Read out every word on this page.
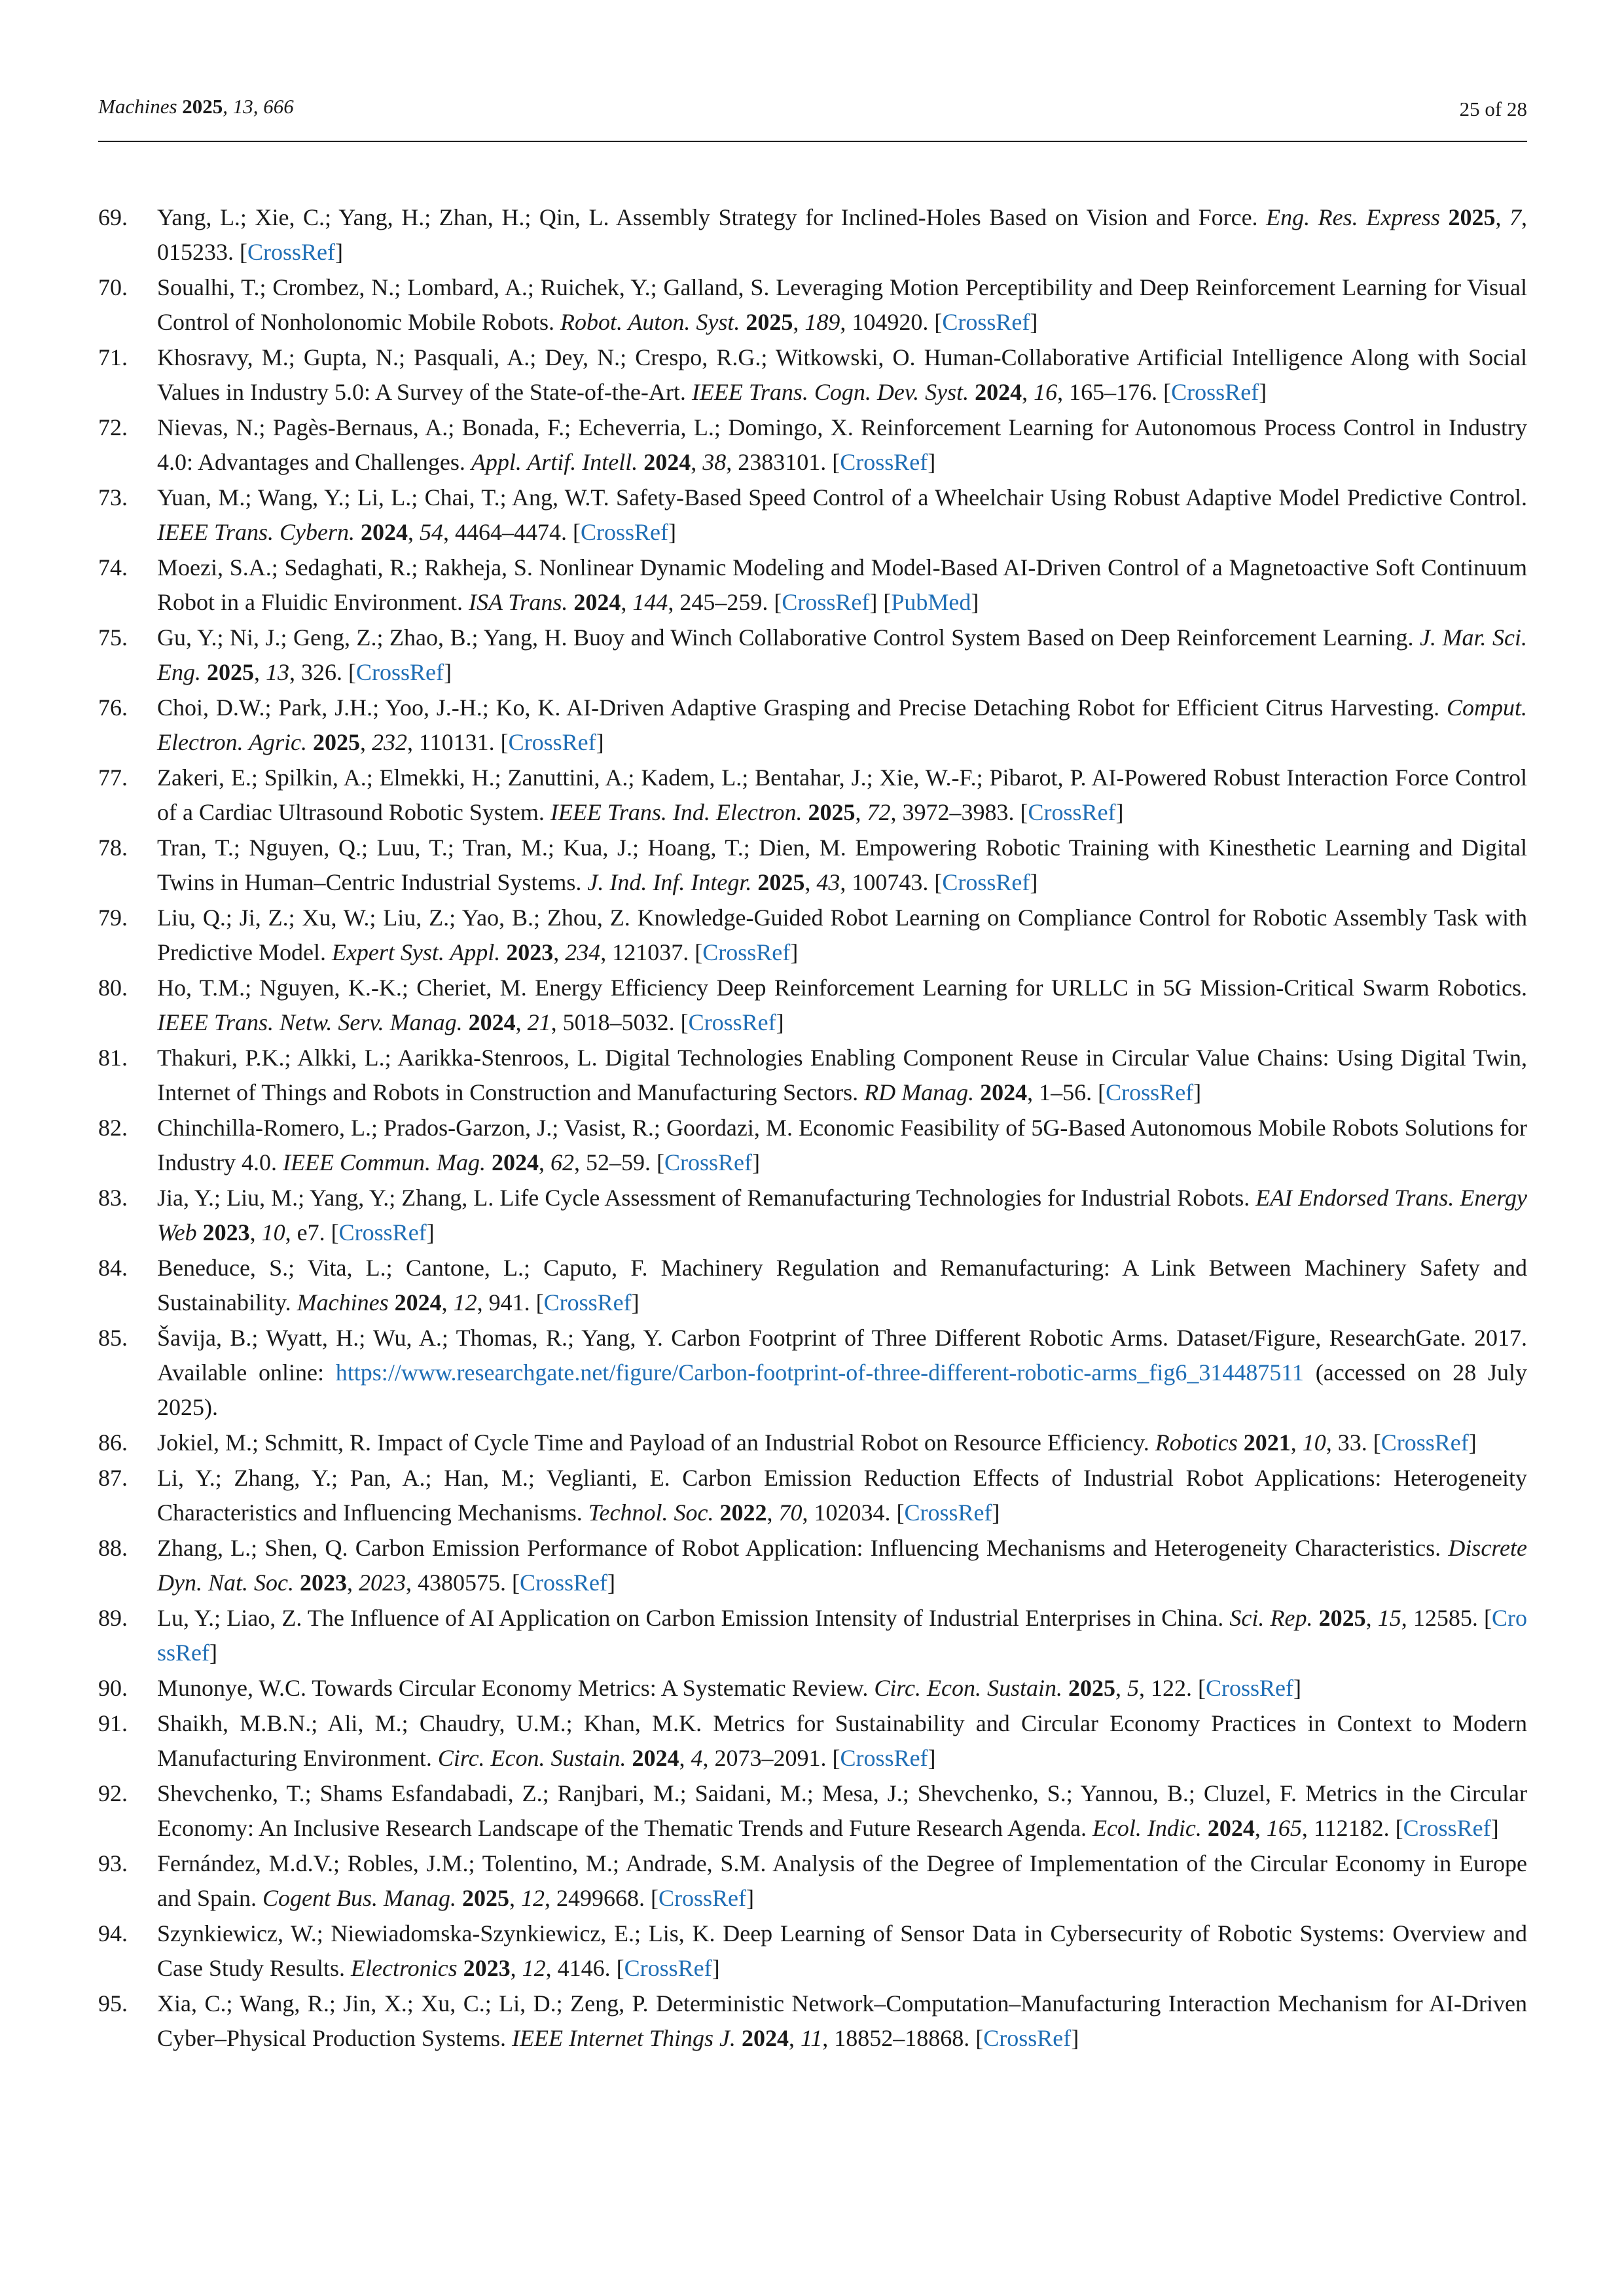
Machines 2025, 13, 666	25 of 28
69. Yang, L.; Xie, C.; Yang, H.; Zhan, H.; Qin, L. Assembly Strategy for Inclined-Holes Based on Vision and Force. Eng. Res. Express 2025, 7, 015233. [CrossRef]
70. Soualhi, T.; Crombez, N.; Lombard, A.; Ruichek, Y.; Galland, S. Leveraging Motion Perceptibility and Deep Reinforcement Learning for Visual Control of Nonholonomic Mobile Robots. Robot. Auton. Syst. 2025, 189, 104920. [CrossRef]
71. Khosravy, M.; Gupta, N.; Pasquali, A.; Dey, N.; Crespo, R.G.; Witkowski, O. Human-Collaborative Artificial Intelligence Along with Social Values in Industry 5.0: A Survey of the State-of-the-Art. IEEE Trans. Cogn. Dev. Syst. 2024, 16, 165–176. [CrossRef]
72. Nievas, N.; Pagès-Bernaus, A.; Bonada, F.; Echeverria, L.; Domingo, X. Reinforcement Learning for Autonomous Process Control in Industry 4.0: Advantages and Challenges. Appl. Artif. Intell. 2024, 38, 2383101. [CrossRef]
73. Yuan, M.; Wang, Y.; Li, L.; Chai, T.; Ang, W.T. Safety-Based Speed Control of a Wheelchair Using Robust Adaptive Model Predictive Control. IEEE Trans. Cybern. 2024, 54, 4464–4474. [CrossRef]
74. Moezi, S.A.; Sedaghati, R.; Rakheja, S. Nonlinear Dynamic Modeling and Model-Based AI-Driven Control of a Magnetoactive Soft Continuum Robot in a Fluidic Environment. ISA Trans. 2024, 144, 245–259. [CrossRef] [PubMed]
75. Gu, Y.; Ni, J.; Geng, Z.; Zhao, B.; Yang, H. Buoy and Winch Collaborative Control System Based on Deep Reinforcement Learning. J. Mar. Sci. Eng. 2025, 13, 326. [CrossRef]
76. Choi, D.W.; Park, J.H.; Yoo, J.-H.; Ko, K. AI-Driven Adaptive Grasping and Precise Detaching Robot for Efficient Citrus Harvesting. Comput. Electron. Agric. 2025, 232, 110131. [CrossRef]
77. Zakeri, E.; Spilkin, A.; Elmekki, H.; Zanuttini, A.; Kadem, L.; Bentahar, J.; Xie, W.-F.; Pibarot, P. AI-Powered Robust Interaction Force Control of a Cardiac Ultrasound Robotic System. IEEE Trans. Ind. Electron. 2025, 72, 3972–3983. [CrossRef]
78. Tran, T.; Nguyen, Q.; Luu, T.; Tran, M.; Kua, J.; Hoang, T.; Dien, M. Empowering Robotic Training with Kinesthetic Learning and Digital Twins in Human–Centric Industrial Systems. J. Ind. Inf. Integr. 2025, 43, 100743. [CrossRef]
79. Liu, Q.; Ji, Z.; Xu, W.; Liu, Z.; Yao, B.; Zhou, Z. Knowledge-Guided Robot Learning on Compliance Control for Robotic Assembly Task with Predictive Model. Expert Syst. Appl. 2023, 234, 121037. [CrossRef]
80. Ho, T.M.; Nguyen, K.-K.; Cheriet, M. Energy Efficiency Deep Reinforcement Learning for URLLC in 5G Mission-Critical Swarm Robotics. IEEE Trans. Netw. Serv. Manag. 2024, 21, 5018–5032. [CrossRef]
81. Thakuri, P.K.; Alkki, L.; Aarikka-Stenroos, L. Digital Technologies Enabling Component Reuse in Circular Value Chains: Using Digital Twin, Internet of Things and Robots in Construction and Manufacturing Sectors. RD Manag. 2024, 1–56. [CrossRef]
82. Chinchilla-Romero, L.; Prados-Garzon, J.; Vasist, R.; Goordazi, M. Economic Feasibility of 5G-Based Autonomous Mobile Robots Solutions for Industry 4.0. IEEE Commun. Mag. 2024, 62, 52–59. [CrossRef]
83. Jia, Y.; Liu, M.; Yang, Y.; Zhang, L. Life Cycle Assessment of Remanufacturing Technologies for Industrial Robots. EAI Endorsed Trans. Energy Web 2023, 10, e7. [CrossRef]
84. Beneduce, S.; Vita, L.; Cantone, L.; Caputo, F. Machinery Regulation and Remanufacturing: A Link Between Machinery Safety and Sustainability. Machines 2024, 12, 941. [CrossRef]
85. Šavija, B.; Wyatt, H.; Wu, A.; Thomas, R.; Yang, Y. Carbon Footprint of Three Different Robotic Arms. Dataset/Figure, ResearchGate. 2017. Available online: https://www.researchgate.net/figure/Carbon-footprint-of-three-different-robotic-arms_fig6_314487511 (accessed on 28 July 2025).
86. Jokiel, M.; Schmitt, R. Impact of Cycle Time and Payload of an Industrial Robot on Resource Efficiency. Robotics 2021, 10, 33. [CrossRef]
87. Li, Y.; Zhang, Y.; Pan, A.; Han, M.; Veglianti, E. Carbon Emission Reduction Effects of Industrial Robot Applications: Heterogeneity Characteristics and Influencing Mechanisms. Technol. Soc. 2022, 70, 102034. [CrossRef]
88. Zhang, L.; Shen, Q. Carbon Emission Performance of Robot Application: Influencing Mechanisms and Heterogeneity Characteristics. Discrete Dyn. Nat. Soc. 2023, 2023, 4380575. [CrossRef]
89. Lu, Y.; Liao, Z. The Influence of AI Application on Carbon Emission Intensity of Industrial Enterprises in China. Sci. Rep. 2025, 15, 12585. [CrossRef]
90. Munonye, W.C. Towards Circular Economy Metrics: A Systematic Review. Circ. Econ. Sustain. 2025, 5, 122. [CrossRef]
91. Shaikh, M.B.N.; Ali, M.; Chaudry, U.M.; Khan, M.K. Metrics for Sustainability and Circular Economy Practices in Context to Modern Manufacturing Environment. Circ. Econ. Sustain. 2024, 4, 2073–2091. [CrossRef]
92. Shevchenko, T.; Shams Esfandabadi, Z.; Ranjbari, M.; Saidani, M.; Mesa, J.; Shevchenko, S.; Yannou, B.; Cluzel, F. Metrics in the Circular Economy: An Inclusive Research Landscape of the Thematic Trends and Future Research Agenda. Ecol. Indic. 2024, 165, 112182. [CrossRef]
93. Fernández, M.d.V.; Robles, J.M.; Tolentino, M.; Andrade, S.M. Analysis of the Degree of Implementation of the Circular Economy in Europe and Spain. Cogent Bus. Manag. 2025, 12, 2499668. [CrossRef]
94. Szynkiewicz, W.; Niewiadomska-Szynkiewicz, E.; Lis, K. Deep Learning of Sensor Data in Cybersecurity of Robotic Systems: Overview and Case Study Results. Electronics 2023, 12, 4146. [CrossRef]
95. Xia, C.; Wang, R.; Jin, X.; Xu, C.; Li, D.; Zeng, P. Deterministic Network–Computation–Manufacturing Interaction Mechanism for AI-Driven Cyber–Physical Production Systems. IEEE Internet Things J. 2024, 11, 18852–18868. [CrossRef]
